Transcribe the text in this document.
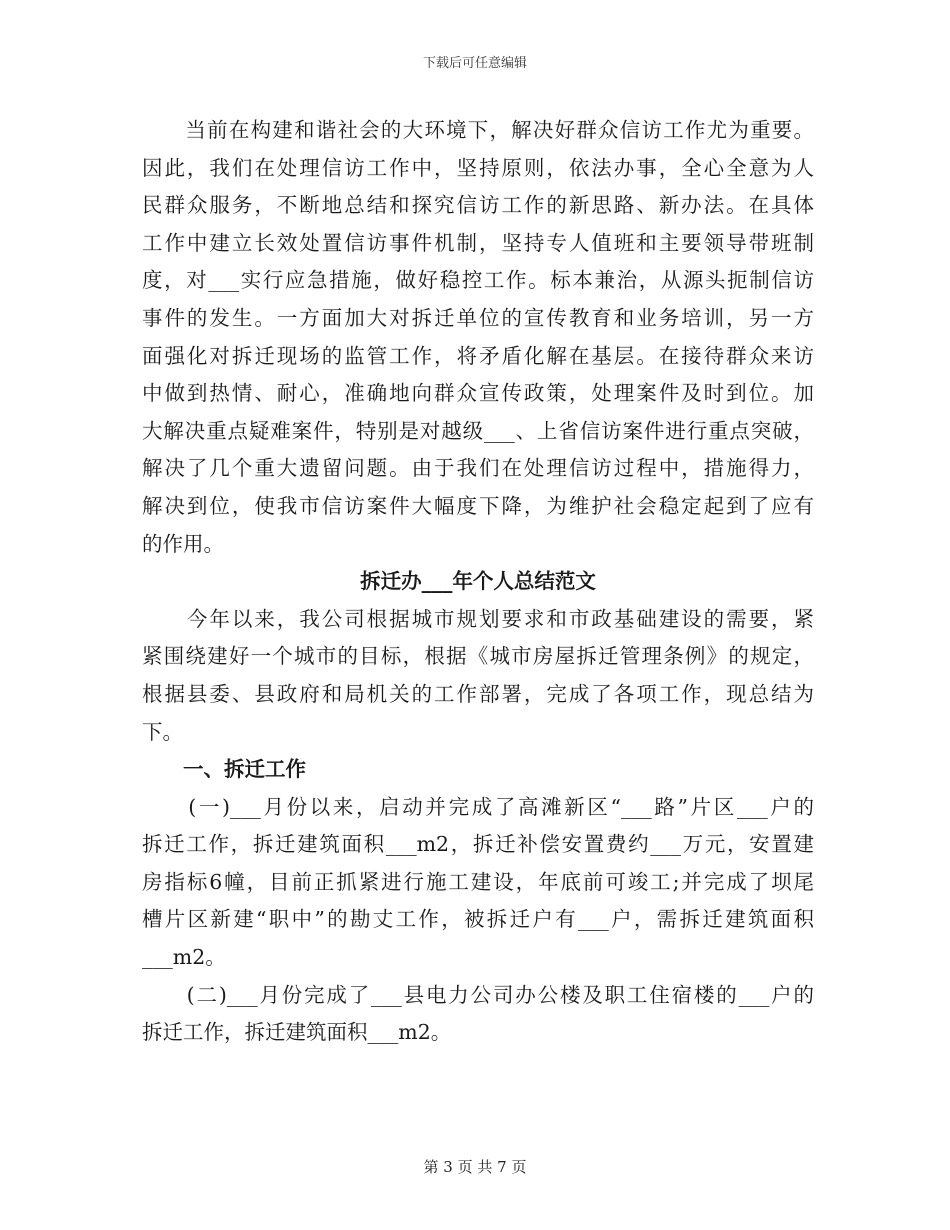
下载后可任意编辑
　　当前在构建和谐社会的大环境下，解决好群众信访工作尤为重要。
因此，我们在处理信访工作中，坚持原则，依法办事，全心全意为人
民群众服务，不断地总结和探究信访工作的新思路、新办法。在具体
工作中建立长效处置信访事件机制，坚持专人值班和主要领导带班制
度，对___实行应急措施，做好稳控工作。标本兼治，从源头扼制信访
事件的发生。一方面加大对拆迁单位的宣传教育和业务培训，另一方
面强化对拆迁现场的监管工作，将矛盾化解在基层。在接待群众来访
中做到热情、耐心，准确地向群众宣传政策，处理案件及时到位。加
大解决重点疑难案件，特别是对越级___、上省信访案件进行重点突破，
解决了几个重大遗留问题。由于我们在处理信访过程中，措施得力，
解决到位，使我市信访案件大幅度下降，为维护社会稳定起到了应有
的作用。
拆迁办___年个人总结范文
　　今年以来，我公司根据城市规划要求和市政基础建设的需要，紧
紧围绕建好一个城市的目标，根据《城市房屋拆迁管理条例》的规定，
根据县委、县政府和局机关的工作部署，完成了各项工作，现总结为
下。
　　一、拆迁工作
　　(一)___月份以来，启动并完成了高滩新区“___路”片区___户的
拆迁工作，拆迁建筑面积___m2，拆迁补偿安置费约___万元，安置建
房指标6幢，目前正抓紧进行施工建设，年底前可竣工;并完成了坝尾
槽片区新建“职中”的勘丈工作，被拆迁户有___户，需拆迁建筑面积
___m2。
　　(二)___月份完成了___县电力公司办公楼及职工住宿楼的___户的
拆迁工作，拆迁建筑面积___m2。
第 3 页 共 7 页
